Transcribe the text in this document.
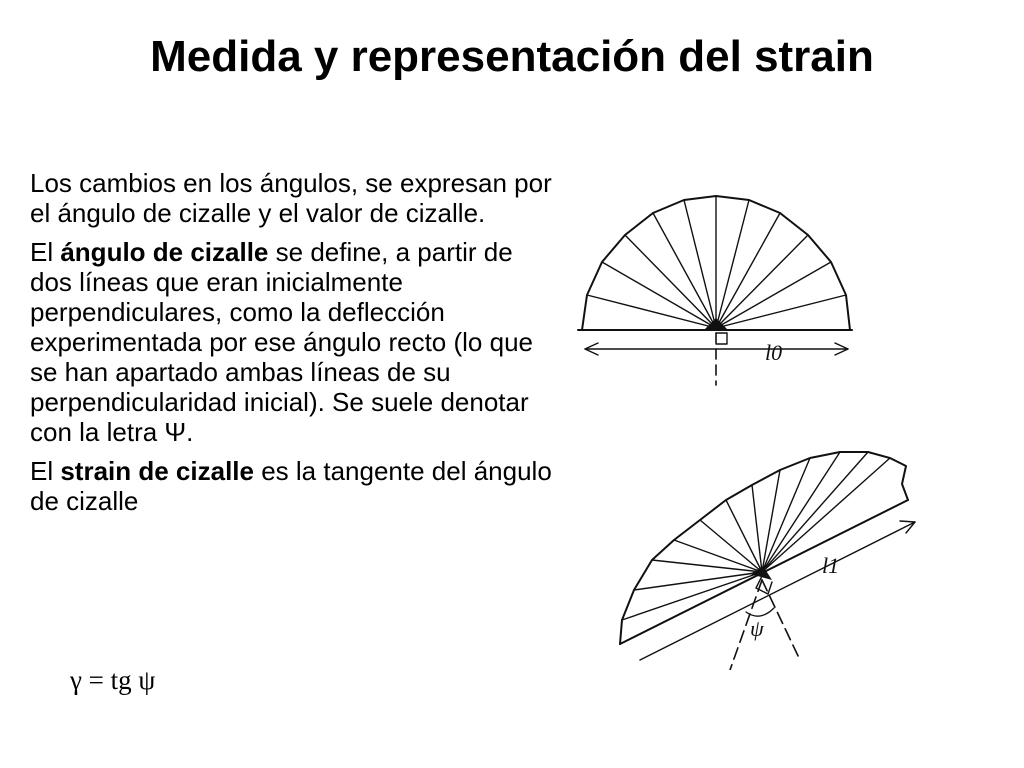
Medida y representación del strain

Los cambios en los ángulos, se expresan por el ángulo de cizalle y el valor de cizalle.

El ángulo de cizalle se define, a partir de dos líneas que eran inicialmente perpendiculares, como la deflección experimentada por ese ángulo recto (lo que se han apartado ambas líneas de su perpendicularidad inicial). Se suele denotar con la letra Ψ.

El strain de cizalle es la tangente del ángulo de cizalle

γ = tg ψ
l0
l1
ψ
